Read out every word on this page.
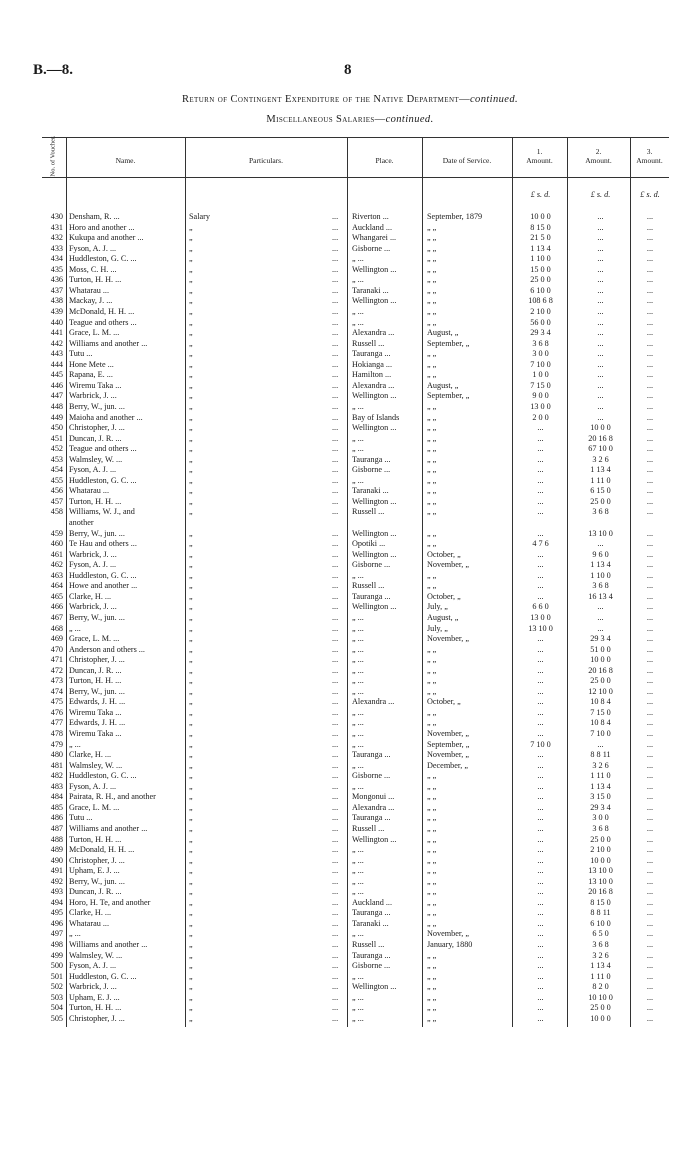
B.—8.	8
Return of Contingent Expenditure of the Native Department—continued.
Miscellaneous Salaries—continued.
No. of Voucher.	Name.	Particulars.	Place.	Date of Service.
1.
Amount.
2.
Amount.
3.
Amount.
£ s. d.	£ s. d.	£ s. d.
430 Densham, R. ...	Salary	... Riverton ...	September, 1879	10 0 0	...	...
431 Horo and another ...	„	... Auckland ...	„ „	8 15 0	...	...
432 Kukupa and another ...	„	... Whangarei ...	„ „	21 5 0	...	...
433 Fyson, A. J. ...	„	... Gisborne ...	„ „	1 13 4	...	...
434 Huddleston, G. C. ...	„	... „ ...	„ „	1 10 0	...	...
435 Moss, C. H. ...	„	... Wellington ...	„ „	15 0 0	...	...
436 Turton, H. H. ...	„	... „ ...	„ „	25 0 0	...	...
437 Whatarau ...	„	... Taranaki ...	„ „	6 10 0	...	...
438 Mackay, J. ...	„	... Wellington ...	„ „	108 6 8	...	...
439 McDonald, H. H. ...	„	... „ ...	„ „	2 10 0	...	...
440 Teague and others ...	„	... „ ...	„ „	56 0 0	...	...
441 Grace, L. M. ...	„	... Alexandra ...	August, „	29 3 4	...	...
442 Williams and another ...	„	... Russell ...	September, „	3 6 8	...	...
443 Tutu ...	„	... Tauranga ...	„ „	3 0 0	...	...
444 Hone Mete ...	„	... Hokianga ...	„ „	7 10 0	...	...
445 Rapana, E. ...	„	... Hamilton ...	„ „	1 0 0	...	...
446 Wiremu Taka ...	„	... Alexandra ...	August, „	7 15 0	...	...
447 Warbrick, J. ...	„	... Wellington ...	September, „	9 0 0	...	...
448 Berry, W., jun. ...	„	... „ ...	„ „	13 0 0	...	...
449 Maioha and another ...	„	... Bay of Islands	„ „	2 0 0	...	...
450 Christopher, J. ...	„	... Wellington ...	„ „	...	10 0 0	...
451 Duncan, J. R. ...	„	... „ ...	„ „	...	20 16 8	...
452 Teague and others ...	„	... „ ...	„ „	...	67 10 0	...
453 Walmsley, W. ...	„	... Tauranga ...	„ „	...	3 2 6	...
454 Fyson, A. J. ...	„	... Gisborne ...	„ „	...	1 13 4	...
455 Huddleston, G. C. ...	„	... „ ...	„ „	...	1 11 0	...
456 Whatarau ...	„	... Taranaki ...	„ „	...	6 15 0	...
457 Turton, H. H. ...	„	... Wellington ...	„ „	...	25 0 0	...
458 Williams, W. J., and	„	... Russell ...	„ „	...	3 6 8	...
another
459 Berry, W., jun. ...	„	... Wellington ...	„ „	...	13 10 0	...
460 Te Hau and others ...	„	... Opotiki ...	„ „	4 7 6	...	...
461 Warbrick, J. ...	„	... Wellington ...	October, „	...	9 6 0	...
462 Fyson, A. J. ...	„	... Gisborne ...	November, „	...	1 13 4	...
463 Huddleston, G. C. ...	„	... „ ...	„ „	...	1 10 0	...
464 Howe and another ...	„	... Russell ...	„ „	...	3 6 8	...
465 Clarke, H. ...	„	... Tauranga ...	October, „	...	16 13 4	...
466 Warbrick, J. ...	„	... Wellington ...	July, „	6 6 0	...	...
467 Berry, W., jun. ...	„	... „ ...	August, „	13 0 0	...	...
468 „ ...	„	... „ ...	July, „	13 10 0	...	...
469 Grace, L. M. ...	„	... „ ...	November, „	...	29 3 4	...
470 Anderson and others ...	„	... „ ...	„ „	...	51 0 0	...
471 Christopher, J. ...	„	... „ ...	„ „	...	10 0 0	...
472 Duncan, J. R. ...	„	... „ ...	„ „	...	20 16 8	...
473 Turton, H. H. ...	„	... „ ...	„ „	...	25 0 0	...
474 Berry, W., jun. ...	„	... „ ...	„ „	...	12 10 0	...
475 Edwards, J. H. ...	„	... Alexandra ...	October, „	...	10 8 4	...
476 Wiremu Taka ...	„	... „ ...	„ „	...	7 15 0	...
477 Edwards, J. H. ...	„	... „ ...	„ „	...	10 8 4	...
478 Wiremu Taka ...	„	... „ ...	November, „	...	7 10 0	...
479 „ ...	„	... „ ...	September, „	7 10 0	...	...
480 Clarke, H. ...	„	... Tauranga ...	November, „	...	8 8 11	...
481 Walmsley, W. ...	„	... „ ...	December, „	...	3 2 6	...
482 Huddleston, G. C. ...	„	... Gisborne ...	„ „	...	1 11 0	...
483 Fyson, A. J. ...	„	... „ ...	„ „	...	1 13 4	...
484 Pairata, R. H., and another	„	... Mongonui ...	„ „	...	3 15 0	...
485 Grace, L. M. ...	„	... Alexandra ...	„ „	...	29 3 4	...
486 Tutu ...	„	... Tauranga ...	„ „	...	3 0 0	...
487 Williams and another ...	„	... Russell ...	„ „	...	3 6 8	...
488 Turton, H. H. ...	„	... Wellington ...	„ „	...	25 0 0	...
489 McDonald, H. H. ...	„	... „ ...	„ „	...	2 10 0	...
490 Christopher, J. ...	„	... „ ...	„ „	...	10 0 0	...
491 Upham, E. J. ...	„	... „ ...	„ „	...	13 10 0	...
492 Berry, W., jun. ...	„	... „ ...	„ „	...	13 10 0	...
493 Duncan, J. R. ...	„	... „ ...	„ „	...	20 16 8	...
494 Horo, H. Te, and another	„	... Auckland ...	„ „	...	8 15 0	...
495 Clarke, H. ...	„	... Tauranga ...	„ „	...	8 8 11	...
496 Whatarau ...	„	... Taranaki ...	„ „	...	6 10 0	...
497 „ ...	„	... „ ...	November, „	...	6 5 0	...
498 Williams and another ...	„	... Russell ...	January, 1880	...	3 6 8	...
499 Walmsley, W. ...	„	... Tauranga ...	„ „	...	3 2 6	...
500 Fyson, A. J. ...	„	... Gisborne ...	„ „	...	1 13 4	...
501 Huddleston, G. C. ...	„	... „ ...	„ „	...	1 11 0	...
502 Warbrick, J. ...	„	... Wellington ...	„ „	...	8 2 0	...
503 Upham, E. J. ...	„	... „ ...	„ „	...	10 10 0	...
504 Turton, H. H. ...	„	... „ ...	„ „	...	25 0 0	...
505 Christopher, J. ...	„	... „ ...	„ „	...	10 0 0	...
